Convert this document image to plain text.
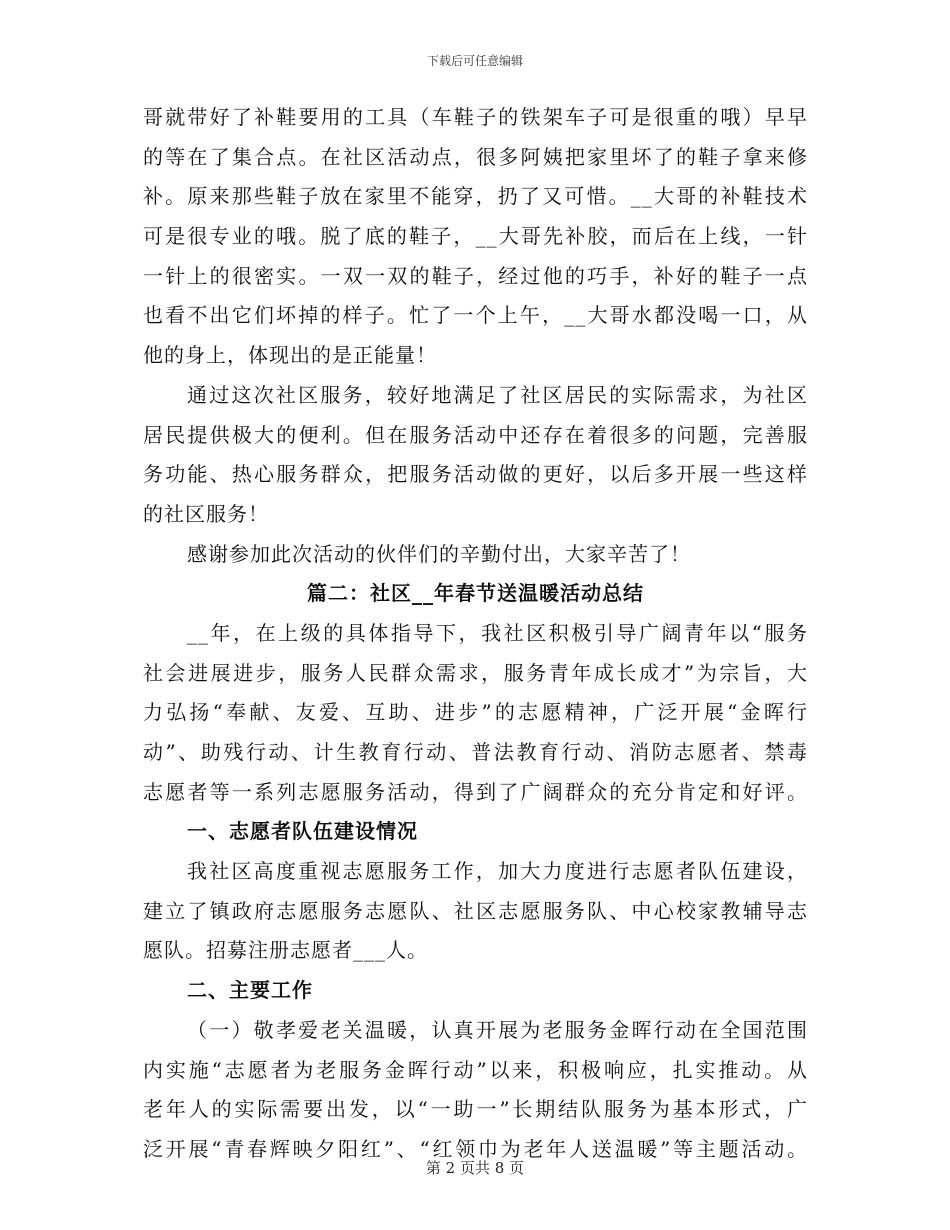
下载后可任意编辑
哥就带好了补鞋要用的工具（车鞋子的铁架车子可是很重的哦）早早
的等在了集合点。在社区活动点，很多阿姨把家里坏了的鞋子拿来修
补。原来那些鞋子放在家里不能穿，扔了又可惜。__大哥的补鞋技术
可是很专业的哦。脱了底的鞋子，__大哥先补胶，而后在上线，一针
一针上的很密实。一双一双的鞋子，经过他的巧手，补好的鞋子一点
也看不出它们坏掉的样子。忙了一个上午，__大哥水都没喝一口，从
他的身上，体现出的是正能量！
通过这次社区服务，较好地满足了社区居民的实际需求，为社区
居民提供极大的便利。但在服务活动中还存在着很多的问题，完善服
务功能、热心服务群众，把服务活动做的更好，以后多开展一些这样
的社区服务！
感谢参加此次活动的伙伴们的辛勤付出，大家辛苦了！
篇二：社区__年春节送温暖活动总结
__年，在上级的具体指导下，我社区积极引导广阔青年以“服务
社会进展进步，服务人民群众需求，服务青年成长成才”为宗旨，大
力弘扬“奉献、友爱、互助、进步”的志愿精神，广泛开展“金晖行
动”、助残行动、计生教育行动、普法教育行动、消防志愿者、禁毒
志愿者等一系列志愿服务活动，得到了广阔群众的充分肯定和好评。
一、志愿者队伍建设情况
我社区高度重视志愿服务工作，加大力度进行志愿者队伍建设，
建立了镇政府志愿服务志愿队、社区志愿服务队、中心校家教辅导志
愿队。招募注册志愿者___人。
二、主要工作
（一）敬孝爱老关温暖，认真开展为老服务金晖行动在全国范围
内实施“志愿者为老服务金晖行动”以来，积极响应，扎实推动。从
老年人的实际需要出发，以“一助一”长期结队服务为基本形式，广
泛开展“青春辉映夕阳红”、“红领巾为老年人送温暖”等主题活动。
第 2 页共 8 页
